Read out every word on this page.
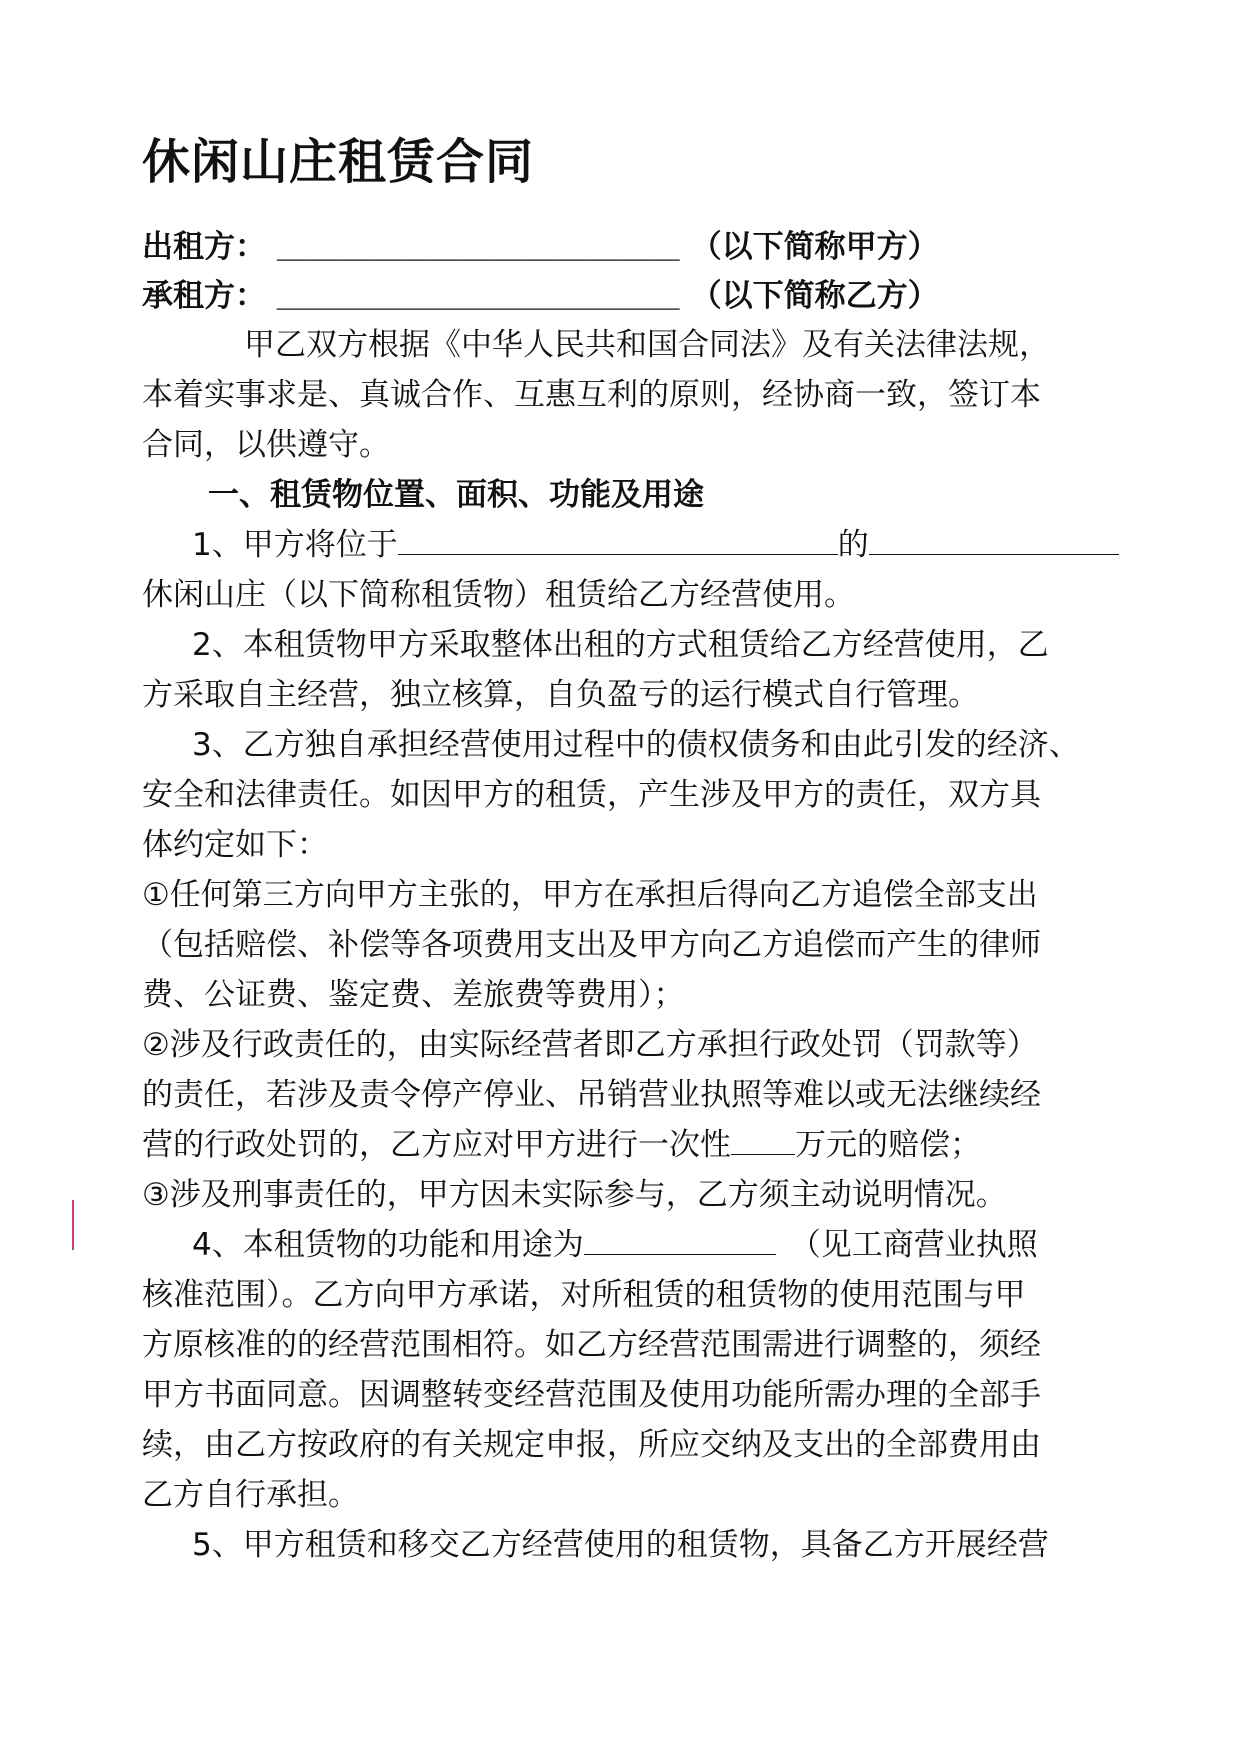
休闲山庄租赁合同
出租方： ＿＿＿＿＿＿＿＿＿＿＿＿＿ （以下简称甲方）
承租方： ＿＿＿＿＿＿＿＿＿＿＿＿＿ （以下简称乙方）
甲乙双方根据《中华人民共和国合同法》及有关法律法规，
本着实事求是、真诚合作、互惠互利的原则，经协商一致，签订本
合同，以供遵守。
一、租赁物位置、面积、功能及用途
1、甲方将位于	的
休闲山庄（以下简称租赁物）租赁给乙方经营使用。
2、本租赁物甲方采取整体出租的方式租赁给乙方经营使用，乙
方采取自主经营，独立核算，自负盈亏的运行模式自行管理。
3、乙方独自承担经营使用过程中的债权债务和由此引发的经济、
安全和法律责任。如因甲方的租赁，产生涉及甲方的责任，双方具
体约定如下：
①任何第三方向甲方主张的，甲方在承担后得向乙方追偿全部支出
（包括赔偿、补偿等各项费用支出及甲方向乙方追偿而产生的律师
费、公证费、鉴定费、差旅费等费用）；
②涉及行政责任的，由实际经营者即乙方承担行政处罚（罚款等）
的责任，若涉及责令停产停业、吊销营业执照等难以或无法继续经
营的行政处罚的，乙方应对甲方进行一次性 万元的赔偿；
③涉及刑事责任的，甲方因未实际参与，乙方须主动说明情况。
4、本租赁物的功能和用途为	（见工商营业执照
核准范围）。乙方向甲方承诺，对所租赁的租赁物的使用范围与甲
方原核准的的经营范围相符。如乙方经营范围需进行调整的，须经
甲方书面同意。因调整转变经营范围及使用功能所需办理的全部手
续，由乙方按政府的有关规定申报，所应交纳及支出的全部费用由
乙方自行承担。
5、甲方租赁和移交乙方经营使用的租赁物，具备乙方开展经营
